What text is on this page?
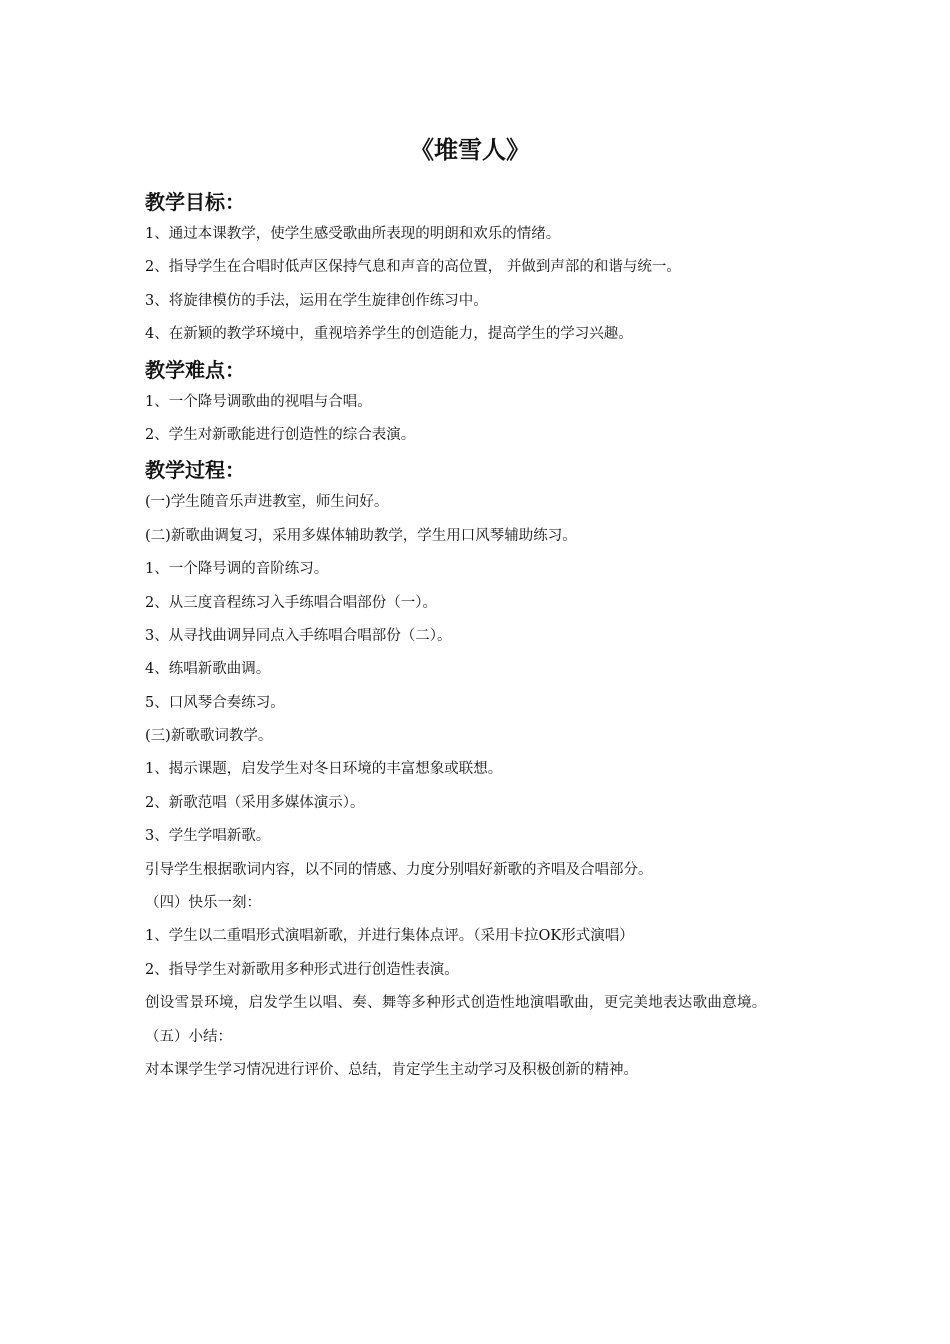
《堆雪人》
教学目标：
1、通过本课教学，使学生感受歌曲所表现的明朗和欢乐的情绪。
2、指导学生在合唱时低声区保持气息和声音的高位置， 并做到声部的和谐与统一。
3、将旋律模仿的手法，运用在学生旋律创作练习中。
4、在新颖的教学环境中，重视培养学生的创造能力，提高学生的学习兴趣。
教学难点：
1、一个降号调歌曲的视唱与合唱。
2、学生对新歌能进行创造性的综合表演。
教学过程：
(一)学生随音乐声进教室，师生问好。
(二)新歌曲调复习，采用多媒体辅助教学，学生用口风琴辅助练习。
1、一个降号调的音阶练习。
2、从三度音程练习入手练唱合唱部份（一）。
3、从寻找曲调异同点入手练唱合唱部份（二）。
4、练唱新歌曲调。
5、口风琴合奏练习。
(三)新歌歌词教学。
1、揭示课题，启发学生对冬日环境的丰富想象或联想。
2、新歌范唱（采用多媒体演示）。
3、学生学唱新歌。
引导学生根据歌词内容，以不同的情感、力度分别唱好新歌的齐唱及合唱部分。
（四）快乐一刻：
1、学生以二重唱形式演唱新歌，并进行集体点评。（采用卡拉OK形式演唱）
2、指导学生对新歌用多种形式进行创造性表演。
创设雪景环境，启发学生以唱、奏、舞等多种形式创造性地演唱歌曲，更完美地表达歌曲意境。
（五）小结：
对本课学生学习情况进行评价、总结，肯定学生主动学习及积极创新的精神。
